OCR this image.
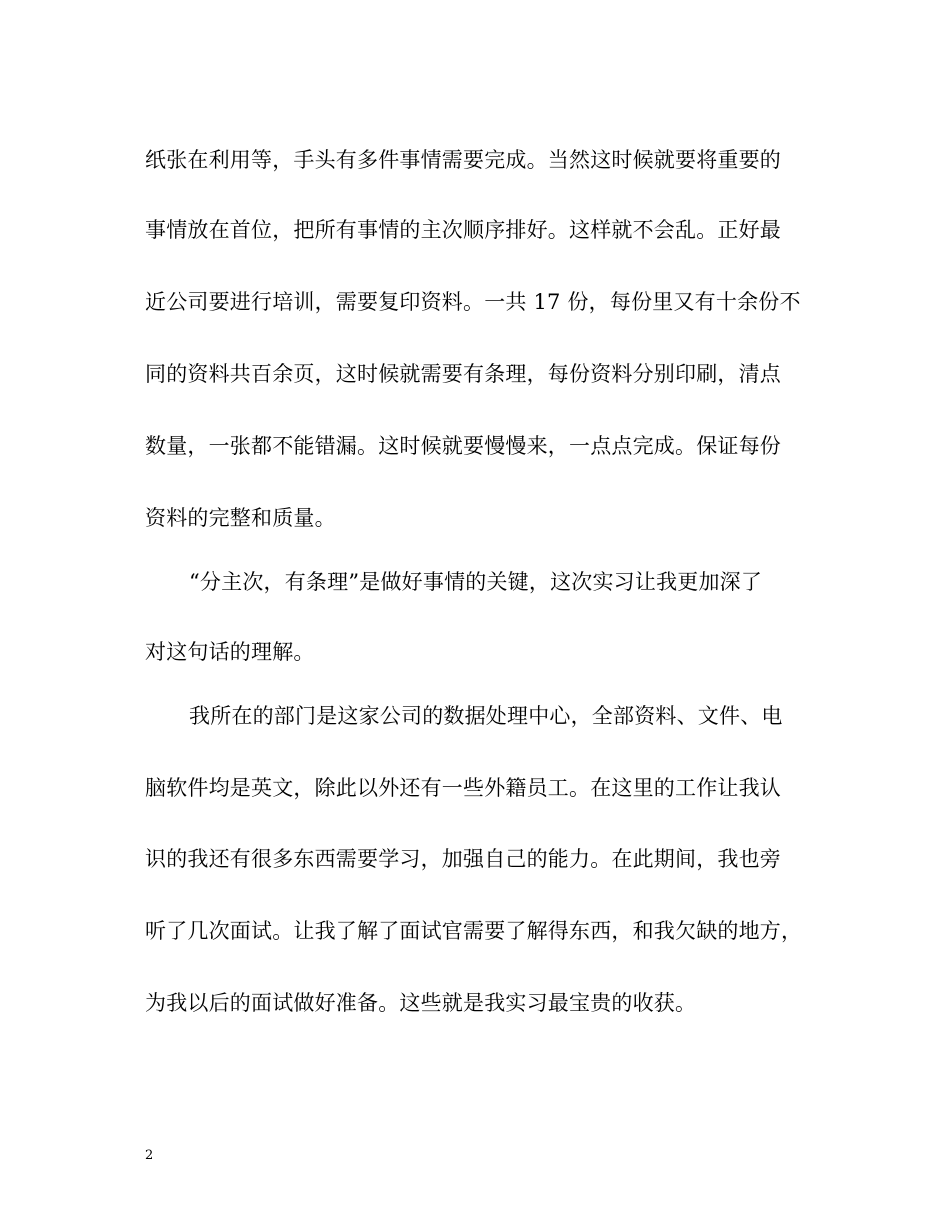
纸张在利用等，手头有多件事情需要完成。当然这时候就要将重要的
事情放在首位，把所有事情的主次顺序排好。这样就不会乱。正好最
近公司要进行培训，需要复印资料。一共 17 份，每份里又有十余份不
同的资料共百余页，这时候就需要有条理，每份资料分别印刷，清点
数量，一张都不能错漏。这时候就要慢慢来，一点点完成。保证每份
资料的完整和质量。
“分主次，有条理”是做好事情的关键，这次实习让我更加深了
对这句话的理解。
我所在的部门是这家公司的数据处理中心，全部资料、文件、电
脑软件均是英文，除此以外还有一些外籍员工。在这里的工作让我认
识的我还有很多东西需要学习，加强自己的能力。在此期间，我也旁
听了几次面试。让我了解了面试官需要了解得东西，和我欠缺的地方，
为我以后的面试做好准备。这些就是我实习最宝贵的收获。
2
